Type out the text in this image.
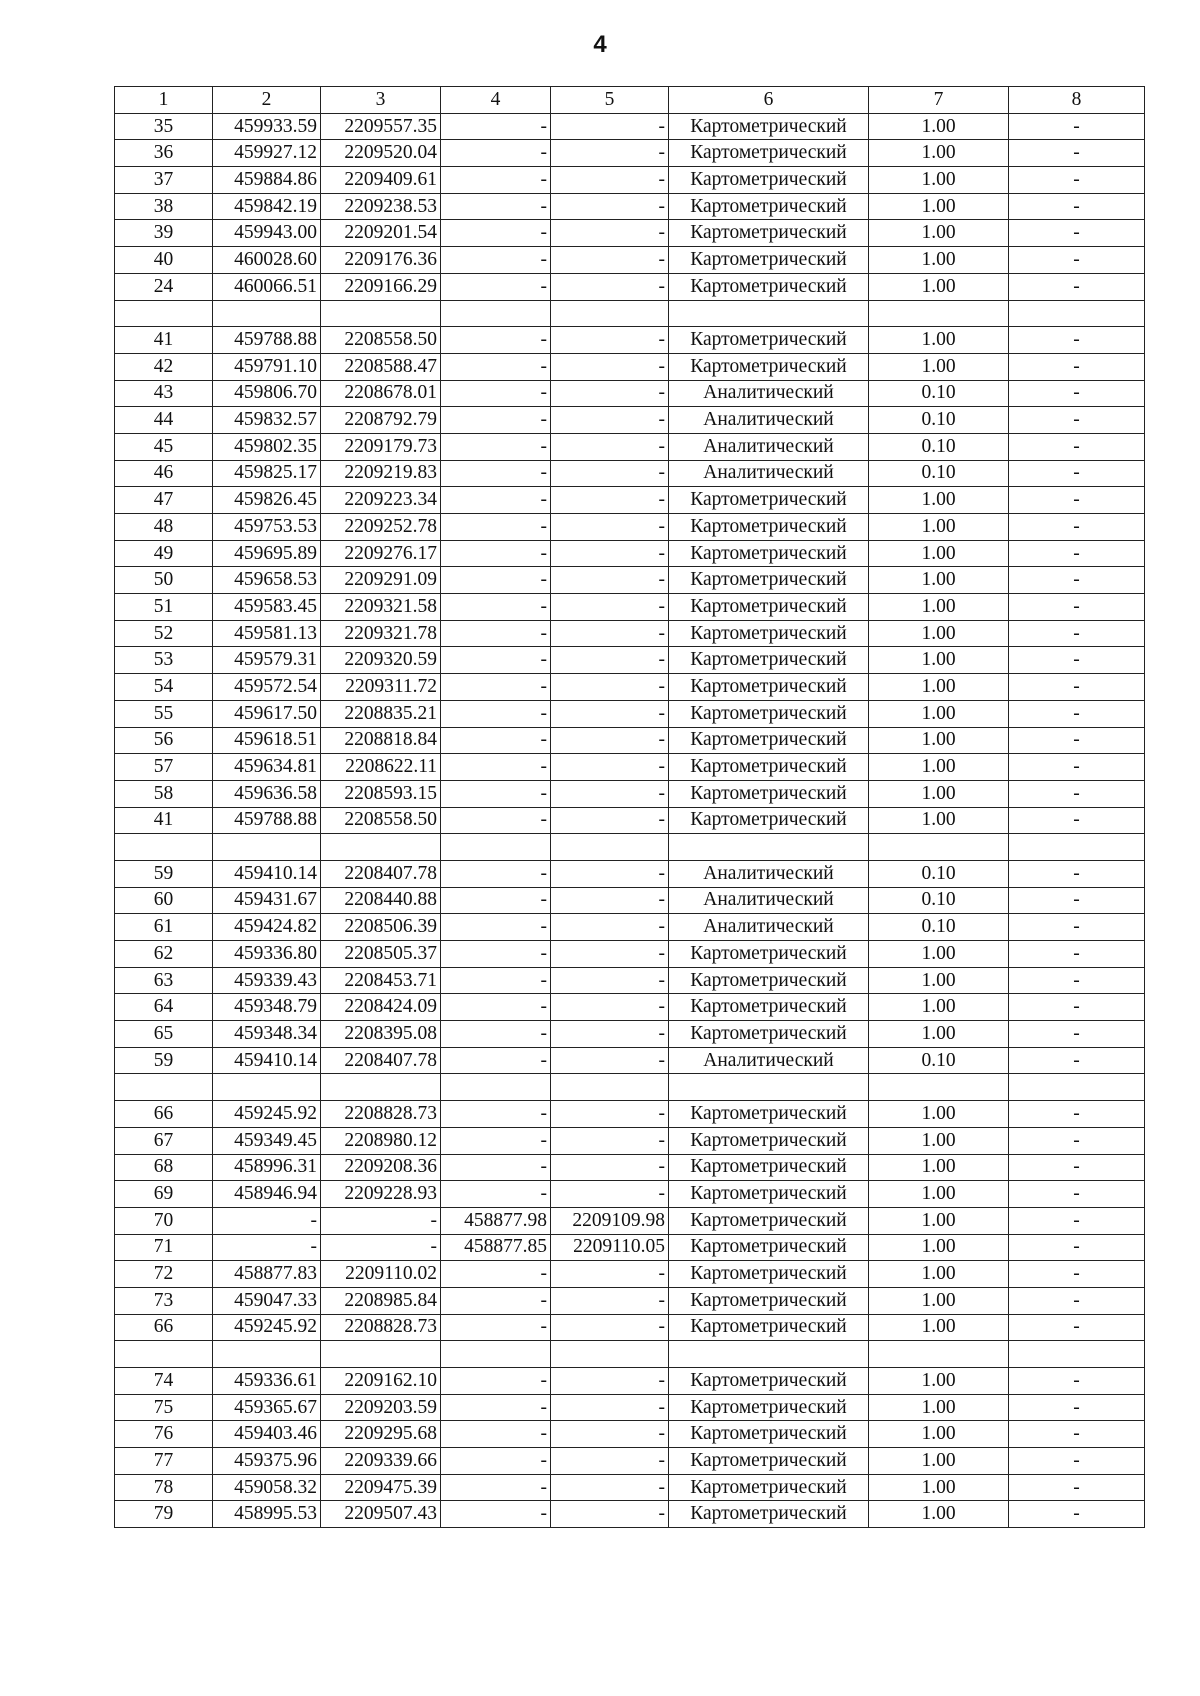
4
1	2	3	4	5	6	7	8
35	459933.59	2209557.35	-	-	Картометрический	1.00	-
36	459927.12	2209520.04	-	-	Картометрический	1.00	-
37	459884.86	2209409.61	-	-	Картометрический	1.00	-
38	459842.19	2209238.53	-	-	Картометрический	1.00	-
39	459943.00	2209201.54	-	-	Картометрический	1.00	-
40	460028.60	2209176.36	-	-	Картометрический	1.00	-
24	460066.51	2209166.29	-	-	Картометрический	1.00	-

41	459788.88	2208558.50	-	-	Картометрический	1.00	-
42	459791.10	2208588.47	-	-	Картометрический	1.00	-
43	459806.70	2208678.01	-	-	Аналитический	0.10	-
44	459832.57	2208792.79	-	-	Аналитический	0.10	-
45	459802.35	2209179.73	-	-	Аналитический	0.10	-
46	459825.17	2209219.83	-	-	Аналитический	0.10	-
47	459826.45	2209223.34	-	-	Картометрический	1.00	-
48	459753.53	2209252.78	-	-	Картометрический	1.00	-
49	459695.89	2209276.17	-	-	Картометрический	1.00	-
50	459658.53	2209291.09	-	-	Картометрический	1.00	-
51	459583.45	2209321.58	-	-	Картометрический	1.00	-
52	459581.13	2209321.78	-	-	Картометрический	1.00	-
53	459579.31	2209320.59	-	-	Картометрический	1.00	-
54	459572.54	2209311.72	-	-	Картометрический	1.00	-
55	459617.50	2208835.21	-	-	Картометрический	1.00	-
56	459618.51	2208818.84	-	-	Картометрический	1.00	-
57	459634.81	2208622.11	-	-	Картометрический	1.00	-
58	459636.58	2208593.15	-	-	Картометрический	1.00	-
41	459788.88	2208558.50	-	-	Картометрический	1.00	-

59	459410.14	2208407.78	-	-	Аналитический	0.10	-
60	459431.67	2208440.88	-	-	Аналитический	0.10	-
61	459424.82	2208506.39	-	-	Аналитический	0.10	-
62	459336.80	2208505.37	-	-	Картометрический	1.00	-
63	459339.43	2208453.71	-	-	Картометрический	1.00	-
64	459348.79	2208424.09	-	-	Картометрический	1.00	-
65	459348.34	2208395.08	-	-	Картометрический	1.00	-
59	459410.14	2208407.78	-	-	Аналитический	0.10	-

66	459245.92	2208828.73	-	-	Картометрический	1.00	-
67	459349.45	2208980.12	-	-	Картометрический	1.00	-
68	458996.31	2209208.36	-	-	Картометрический	1.00	-
69	458946.94	2209228.93	-	-	Картометрический	1.00	-
70	-	-	458877.98	2209109.98	Картометрический	1.00	-
71	-	-	458877.85	2209110.05	Картометрический	1.00	-
72	458877.83	2209110.02	-	-	Картометрический	1.00	-
73	459047.33	2208985.84	-	-	Картометрический	1.00	-
66	459245.92	2208828.73	-	-	Картометрический	1.00	-

74	459336.61	2209162.10	-	-	Картометрический	1.00	-
75	459365.67	2209203.59	-	-	Картометрический	1.00	-
76	459403.46	2209295.68	-	-	Картометрический	1.00	-
77	459375.96	2209339.66	-	-	Картометрический	1.00	-
78	459058.32	2209475.39	-	-	Картометрический	1.00	-
79	458995.53	2209507.43	-	-	Картометрический	1.00	-
